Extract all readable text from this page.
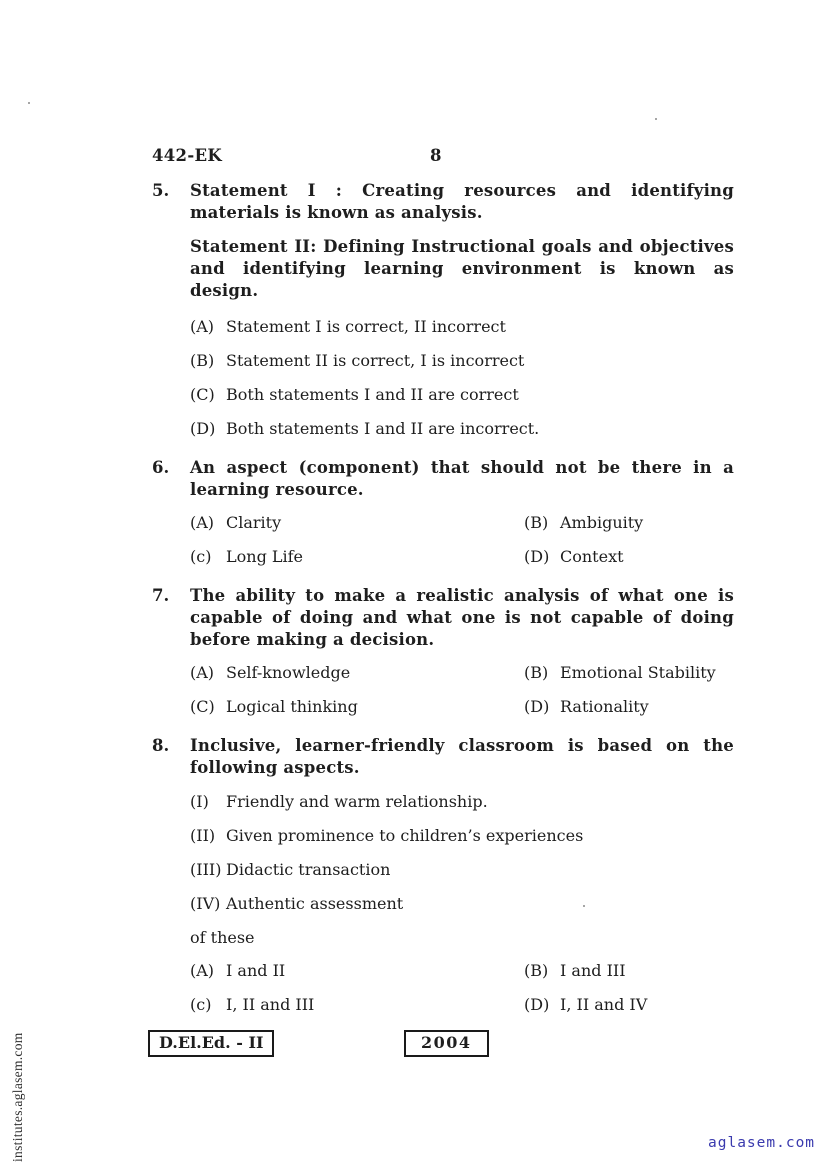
institutes.aglasem.com	aglasem.com
442-EK	8
5.	Statement I : Creating resources and identifying materials is known as analysis.

Statement II: Defining Instructional goals and objectives and identifying learning environment is known as design.

(A) Statement I is correct, II incorrect
(B) Statement II is correct, I is incorrect
(C) Both statements I and II are correct
(D) Both statements I and II are incorrect.
6.	An aspect (component) that should not be there in a learning resource.

(A) Clarity	(B) Ambiguity
(c) Long Life	(D) Context
7.	The ability to make a realistic analysis of what one is capable of doing and what one is not capable of doing before making a decision.

(A) Self-knowledge	(B) Emotional Stability
(C) Logical thinking	(D) Rationality
8.	Inclusive, learner-friendly classroom is based on the following aspects.

(I)	Friendly and warm relationship.
(II) Given prominence to children’s experiences
(III) Didactic transaction
(IV) Authentic assessment

of these

(A) I and II	(B) I and III
(c) I, II and III	(D) I, II and IV
D.El.Ed. - II	2004
